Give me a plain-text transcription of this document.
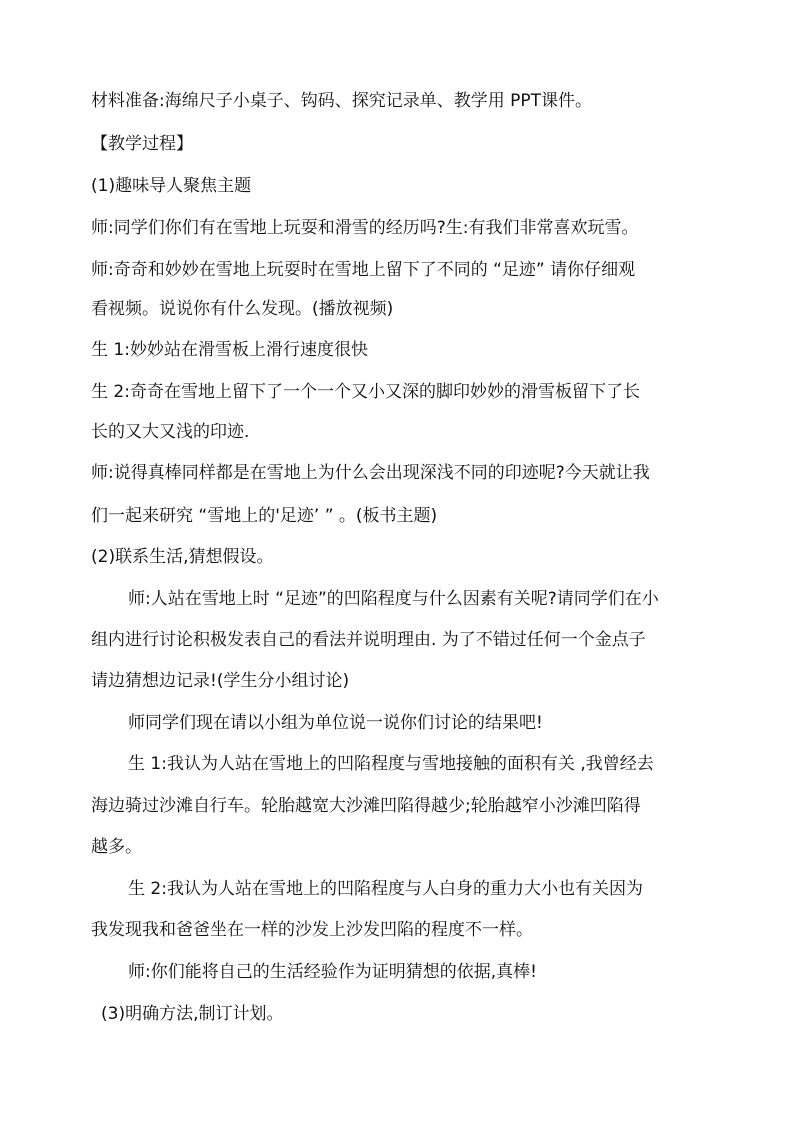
材料准备:海绵尺子小桌子、钩码、探究记录单、教学用 PPT课件。
【教学过程】
(1)趣味导人聚焦主题
师:同学们你们有在雪地上玩耍和滑雪的经历吗?生:有我们非常喜欢玩雪。
师:奇奇和妙妙在雪地上玩耍时在雪地上留下了不同的 “足迹” 请你仔细观
看视频。说说你有什么发现。(播放视频)
生 1:妙妙站在滑雪板上滑行速度很快
生 2:奇奇在雪地上留下了一个一个又小又深的脚印妙妙的滑雪板留下了长
长的又大又浅的印迹.
师:说得真棒同样都是在雪地上为什么会出现深浅不同的印迹呢?今天就让我
们一起来研究 “雪地上的'足迹’ ” 。(板书主题)
(2)联系生活,猜想假设。
师:人站在雪地上时 “足迹”的凹陷程度与什么因素有关呢?请同学们在小
组内进行讨论积极发表自己的看法并说明理由. 为了不错过任何一个金点子
请边猜想边记录!(学生分小组讨论)
师同学们现在请以小组为单位说一说你们讨论的结果吧!
生 1:我认为人站在雪地上的凹陷程度与雪地接触的面积有关 ,我曾经去
海边骑过沙滩自行车。轮胎越宽大沙滩凹陷得越少;轮胎越窄小沙滩凹陷得
越多。
生 2:我认为人站在雪地上的凹陷程度与人白身的重力大小也有关因为
我发现我和爸爸坐在一样的沙发上沙发凹陷的程度不一样。
师:你们能将自己的生活经验作为证明猜想的依据,真棒!
(3)明确方法,制订计划。
